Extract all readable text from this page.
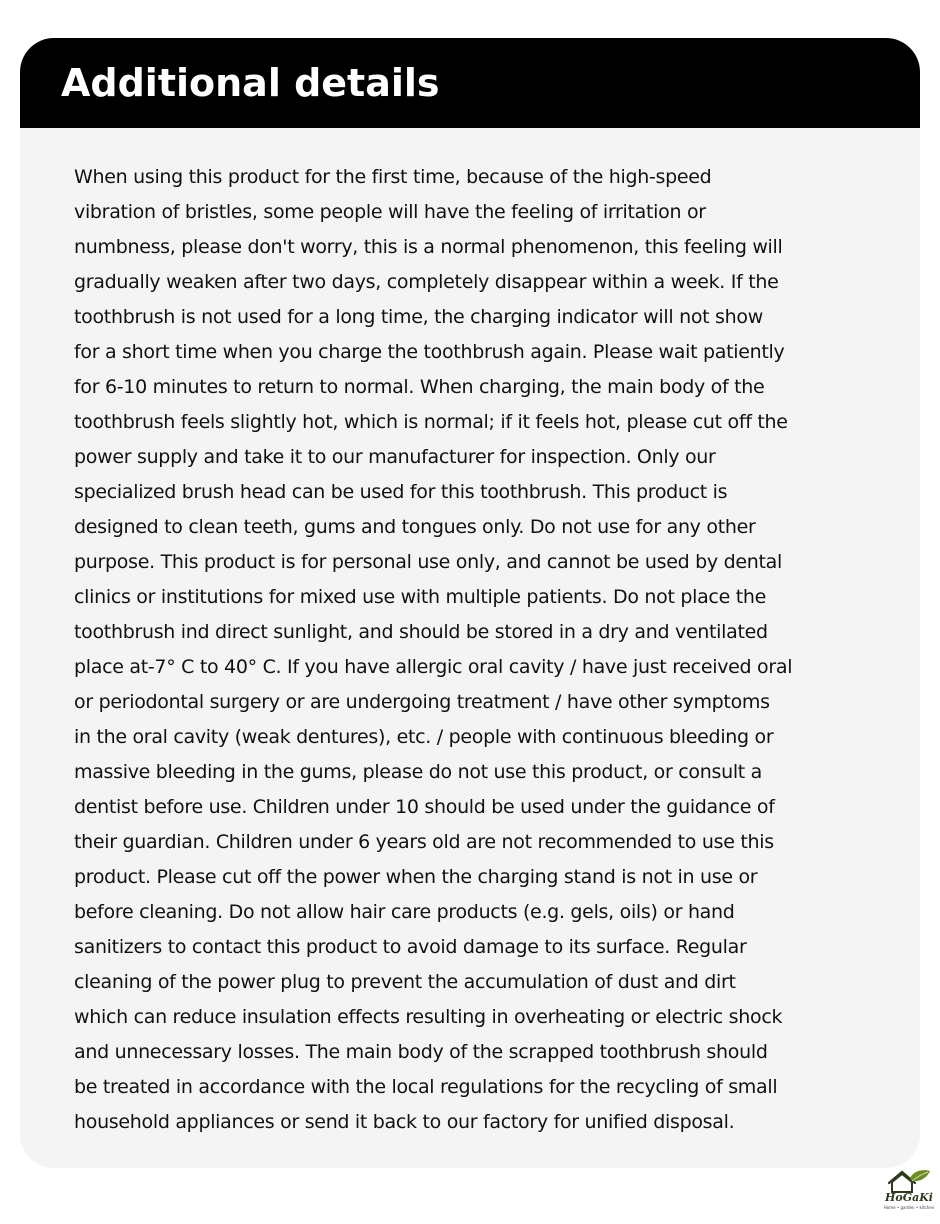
Additional details

When using this product for the first time, because of the high-speed
vibration of bristles, some people will have the feeling of irritation or
numbness, please don't worry, this is a normal phenomenon, this feeling will
gradually weaken after two days, completely disappear within a week. If the
toothbrush is not used for a long time, the charging indicator will not show
for a short time when you charge the toothbrush again. Please wait patiently
for 6-10 minutes to return to normal. When charging, the main body of the
toothbrush feels slightly hot, which is normal; if it feels hot, please cut off the
power supply and take it to our manufacturer for inspection. Only our
specialized brush head can be used for this toothbrush. This product is
designed to clean teeth, gums and tongues only. Do not use for any other
purpose. This product is for personal use only, and cannot be used by dental
clinics or institutions for mixed use with multiple patients. Do not place the
toothbrush ind direct sunlight, and should be stored in a dry and ventilated
place at-7° C to 40° C. If you have allergic oral cavity / have just received oral
or periodontal surgery or are undergoing treatment / have other symptoms
in the oral cavity (weak dentures), etc. / people with continuous bleeding or
massive bleeding in the gums, please do not use this product, or consult a
dentist before use. Children under 10 should be used under the guidance of
their guardian. Children under 6 years old are not recommended to use this
product. Please cut off the power when the charging stand is not in use or
before cleaning. Do not allow hair care products (e.g. gels, oils) or hand
sanitizers to contact this product to avoid damage to its surface. Regular
cleaning of the power plug to prevent the accumulation of dust and dirt
which can reduce insulation effects resulting in overheating or electric shock
and unnecessary losses. The main body of the scrapped toothbrush should
be treated in accordance with the local regulations for the recycling of small
household appliances or send it back to our factory for unified disposal.

HoGaKi
Home • garden • kitchen
